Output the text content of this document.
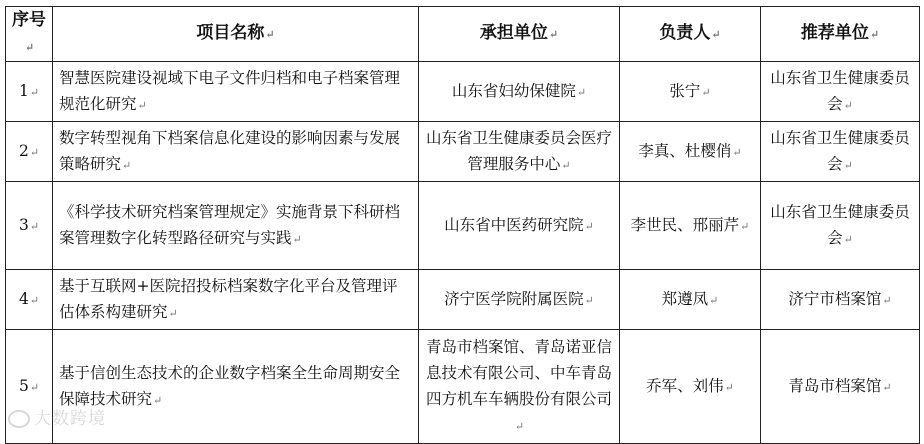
序号↵	项目名称↵	承担单位↵	负责人↵	推荐单位↵
1↵	智慧医院建设视域下电子文件归档和电子档案管理规范化研究↵	山东省妇幼保健院↵	张宁↵	山东省卫生健康委员会↵
2↵	数字转型视角下档案信息化建设的影响因素与发展策略研究↵	山东省卫生健康委员会医疗管理服务中心↵	李真、杜樱俏↵	山东省卫生健康委员会↵
3↵	《科学技术研究档案管理规定》实施背景下科研档案管理数字化转型路径研究与实践↵	山东省中医药研究院↵	李世民、邢丽芹↵	山东省卫生健康委员会↵
4↵	基于互联网+医院招投标档案数字化平台及管理评估体系构建研究↵	济宁医学院附属医院↵	郑遵凤↵	济宁市档案馆↵
5↵	基于信创生态技术的企业数字档案全生命周期安全保障技术研究↵	青岛市档案馆、青岛诺亚信息技术有限公司、中车青岛四方机车车辆股份有限公司↵	乔军、刘伟↵	青岛市档案馆↵
大数跨境
